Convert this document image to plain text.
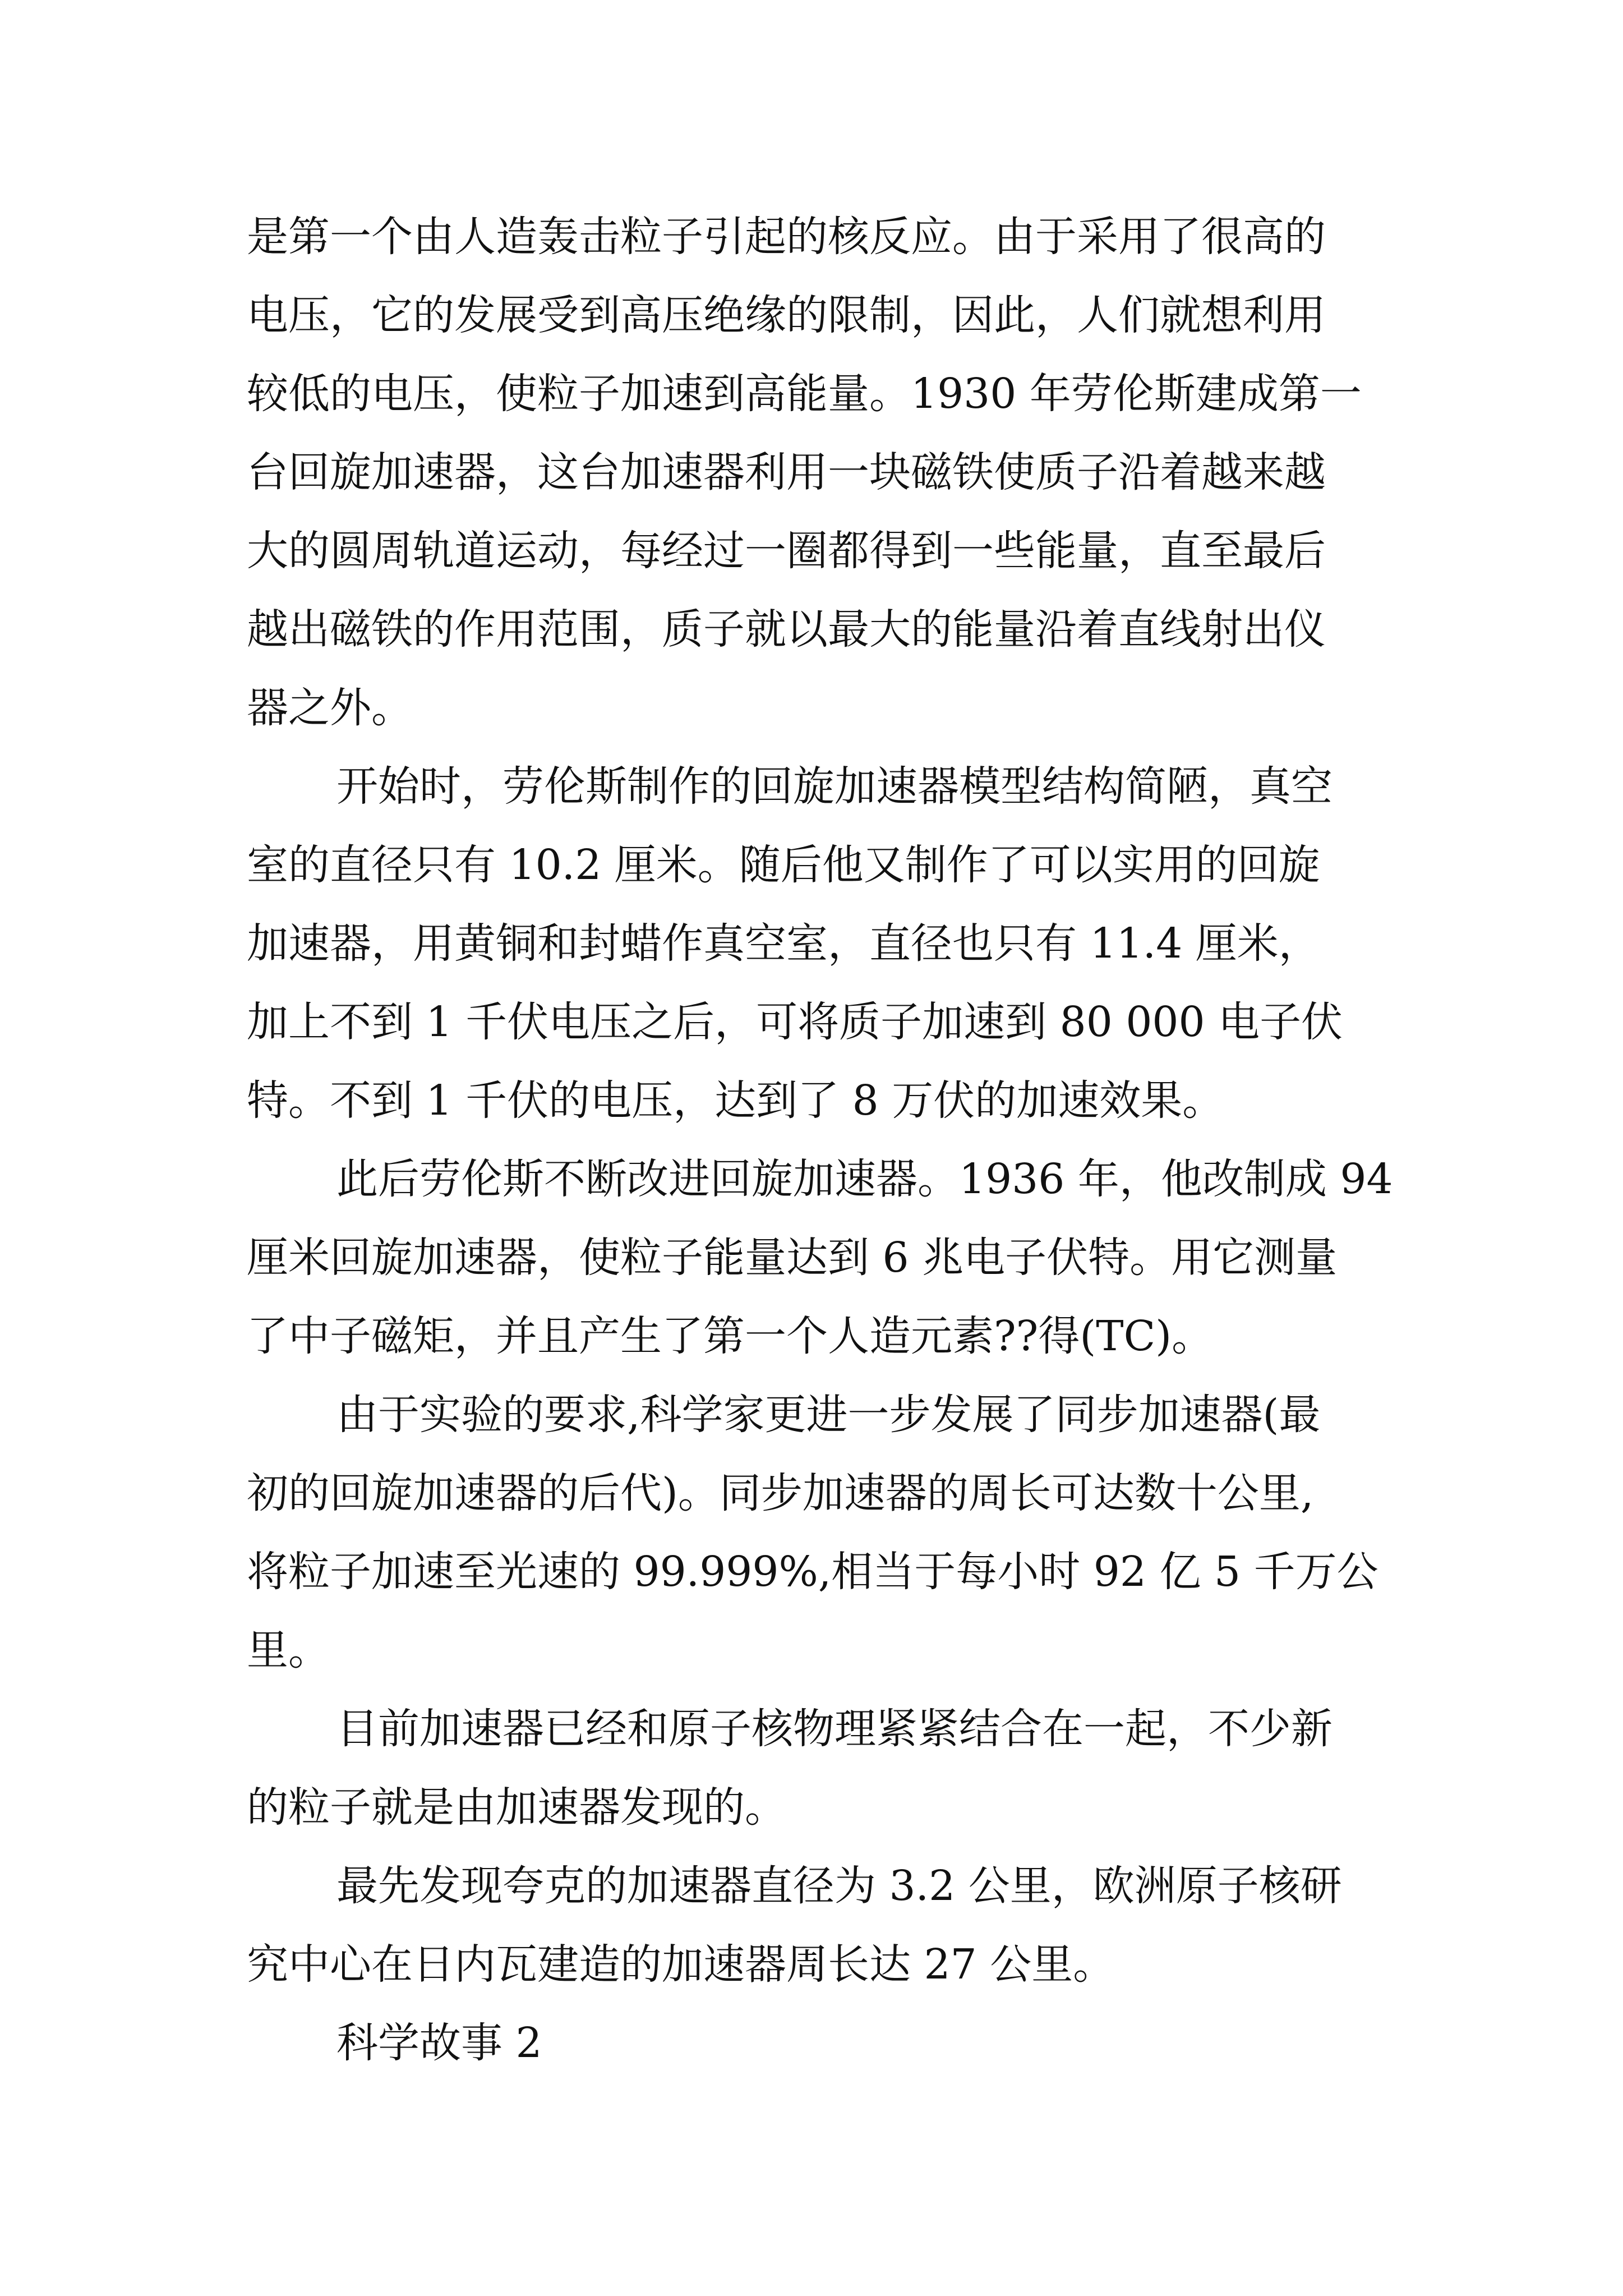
是第一个由人造轰击粒子引起的核反应。由于采用了很高的
电压，它的发展受到高压绝缘的限制，因此，人们就想利用
较低的电压，使粒子加速到高能量。1930 年劳伦斯建成第一
台回旋加速器，这台加速器利用一块磁铁使质子沿着越来越
大的圆周轨道运动，每经过一圈都得到一些能量，直至最后
越出磁铁的作用范围，质子就以最大的能量沿着直线射出仪
器之外。
开始时，劳伦斯制作的回旋加速器模型结构简陋，真空
室的直径只有 10.2 厘米。随后他又制作了可以实用的回旋
加速器，用黄铜和封蜡作真空室，直径也只有 11.4 厘米，
加上不到 1 千伏电压之后，可将质子加速到 80 000 电子伏
特。不到 1 千伏的电压，达到了 8 万伏的加速效果。
此后劳伦斯不断改进回旋加速器。1936 年，他改制成 94
厘米回旋加速器，使粒子能量达到 6 兆电子伏特。用它测量
了中子磁矩，并且产生了第一个人造元素??得(TC)。
由于实验的要求,科学家更进一步发展了同步加速器(最
初的回旋加速器的后代)。同步加速器的周长可达数十公里,
将粒子加速至光速的 99.999%,相当于每小时 92 亿 5 千万公
里。
目前加速器已经和原子核物理紧紧结合在一起，不少新
的粒子就是由加速器发现的。
最先发现夸克的加速器直径为 3.2 公里，欧洲原子核研
究中心在日内瓦建造的加速器周长达 27 公里。
科学故事 2
